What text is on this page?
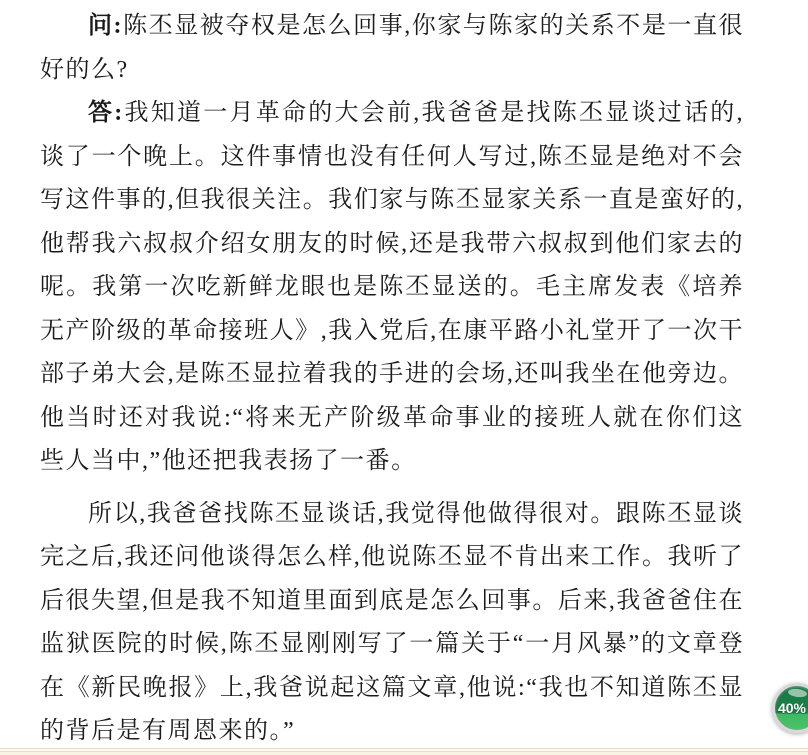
问:陈丕显被夺权是怎么回事,你家与陈家的关系不是一直很好的么?

答:我知道一月革命的大会前,我爸爸是找陈丕显谈过话的,谈了一个晚上。这件事情也没有任何人写过,陈丕显是绝对不会写这件事的,但我很关注。我们家与陈丕显家关系一直是蛮好的,他帮我六叔叔介绍女朋友的时候,还是我带六叔叔到他们家去的呢。我第一次吃新鲜龙眼也是陈丕显送的。毛主席发表《培养无产阶级的革命接班人》,我入党后,在康平路小礼堂开了一次干部子弟大会,是陈丕显拉着我的手进的会场,还叫我坐在他旁边。他当时还对我说:“将来无产阶级革命事业的接班人就在你们这些人当中,”他还把我表扬了一番。

所以,我爸爸找陈丕显谈话,我觉得他做得很对。跟陈丕显谈完之后,我还问他谈得怎么样,他说陈丕显不肯出来工作。我听了后很失望,但是我不知道里面到底是怎么回事。后来,我爸爸住在监狱医院的时候,陈丕显刚刚写了一篇关于“一月风暴”的文章登在《新民晚报》上,我爸说起这篇文章,他说:“我也不知道陈丕显的背后是有周恩来的。”

40%
